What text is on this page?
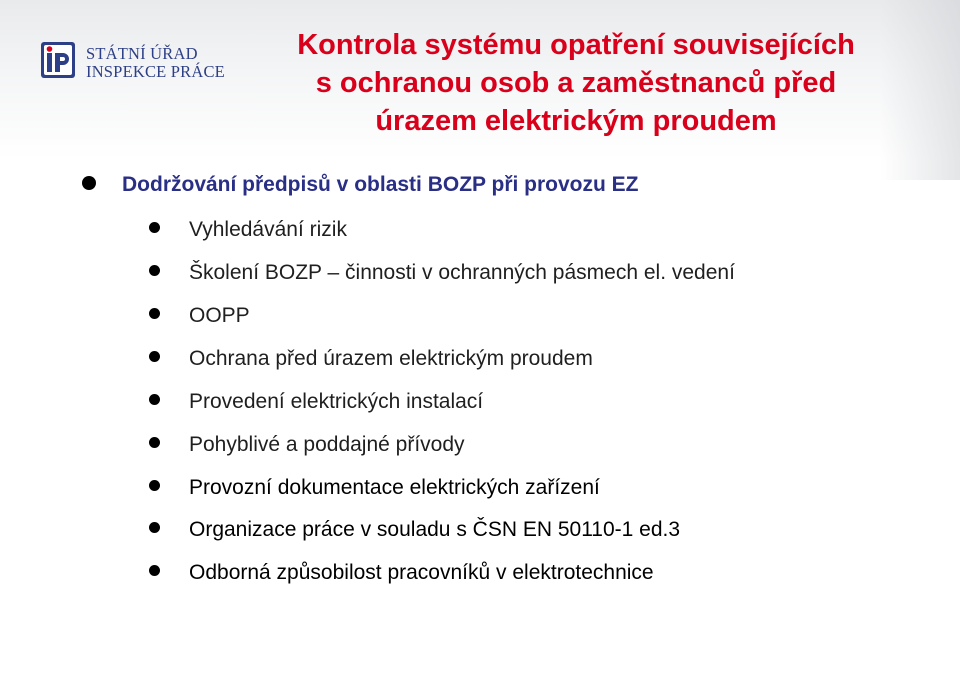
STÁTNÍ ÚŘAD
INSPEKCE PRÁCE
Kontrola systému opatření souvisejících
s ochranou osob a zaměstnanců před
úrazem elektrickým proudem
Dodržování předpisů v oblasti BOZP při provozu EZ
Vyhledávání rizik
Školení BOZP – činnosti v ochranných pásmech el. vedení
OOPP
Ochrana před úrazem elektrickým proudem
Provedení elektrických instalací
Pohyblivé a poddajné přívody
Provozní dokumentace elektrických zařízení
Organizace práce v souladu s ČSN EN 50110-1 ed.3
Odborná způsobilost pracovníků v elektrotechnice
